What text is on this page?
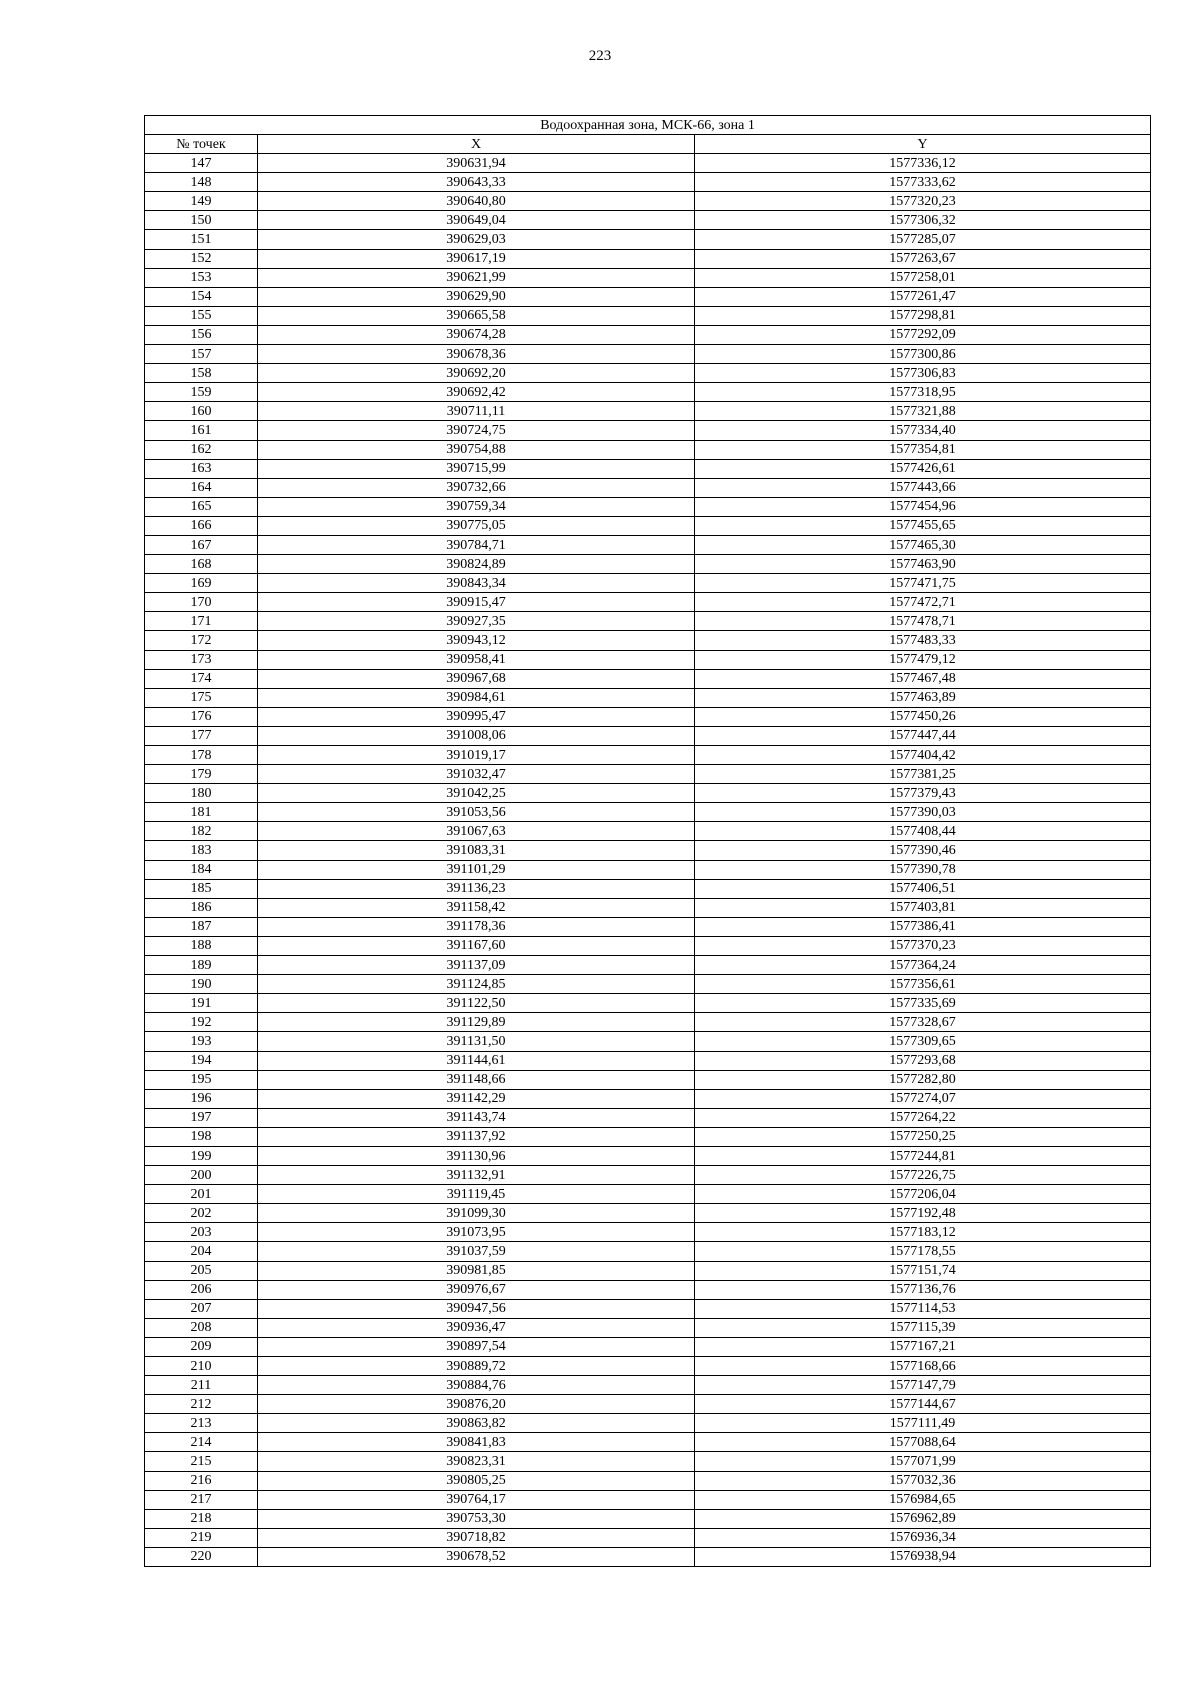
223
Водоохранная зона, МСК-66, зона 1		
№ точек	X	Y
147	390631,94	1577336,12
148	390643,33	1577333,62
149	390640,80	1577320,23
150	390649,04	1577306,32
151	390629,03	1577285,07
152	390617,19	1577263,67
153	390621,99	1577258,01
154	390629,90	1577261,47
155	390665,58	1577298,81
156	390674,28	1577292,09
157	390678,36	1577300,86
158	390692,20	1577306,83
159	390692,42	1577318,95
160	390711,11	1577321,88
161	390724,75	1577334,40
162	390754,88	1577354,81
163	390715,99	1577426,61
164	390732,66	1577443,66
165	390759,34	1577454,96
166	390775,05	1577455,65
167	390784,71	1577465,30
168	390824,89	1577463,90
169	390843,34	1577471,75
170	390915,47	1577472,71
171	390927,35	1577478,71
172	390943,12	1577483,33
173	390958,41	1577479,12
174	390967,68	1577467,48
175	390984,61	1577463,89
176	390995,47	1577450,26
177	391008,06	1577447,44
178	391019,17	1577404,42
179	391032,47	1577381,25
180	391042,25	1577379,43
181	391053,56	1577390,03
182	391067,63	1577408,44
183	391083,31	1577390,46
184	391101,29	1577390,78
185	391136,23	1577406,51
186	391158,42	1577403,81
187	391178,36	1577386,41
188	391167,60	1577370,23
189	391137,09	1577364,24
190	391124,85	1577356,61
191	391122,50	1577335,69
192	391129,89	1577328,67
193	391131,50	1577309,65
194	391144,61	1577293,68
195	391148,66	1577282,80
196	391142,29	1577274,07
197	391143,74	1577264,22
198	391137,92	1577250,25
199	391130,96	1577244,81
200	391132,91	1577226,75
201	391119,45	1577206,04
202	391099,30	1577192,48
203	391073,95	1577183,12
204	391037,59	1577178,55
205	390981,85	1577151,74
206	390976,67	1577136,76
207	390947,56	1577114,53
208	390936,47	1577115,39
209	390897,54	1577167,21
210	390889,72	1577168,66
211	390884,76	1577147,79
212	390876,20	1577144,67
213	390863,82	1577111,49
214	390841,83	1577088,64
215	390823,31	1577071,99
216	390805,25	1577032,36
217	390764,17	1576984,65
218	390753,30	1576962,89
219	390718,82	1576936,34
220	390678,52	1576938,94
